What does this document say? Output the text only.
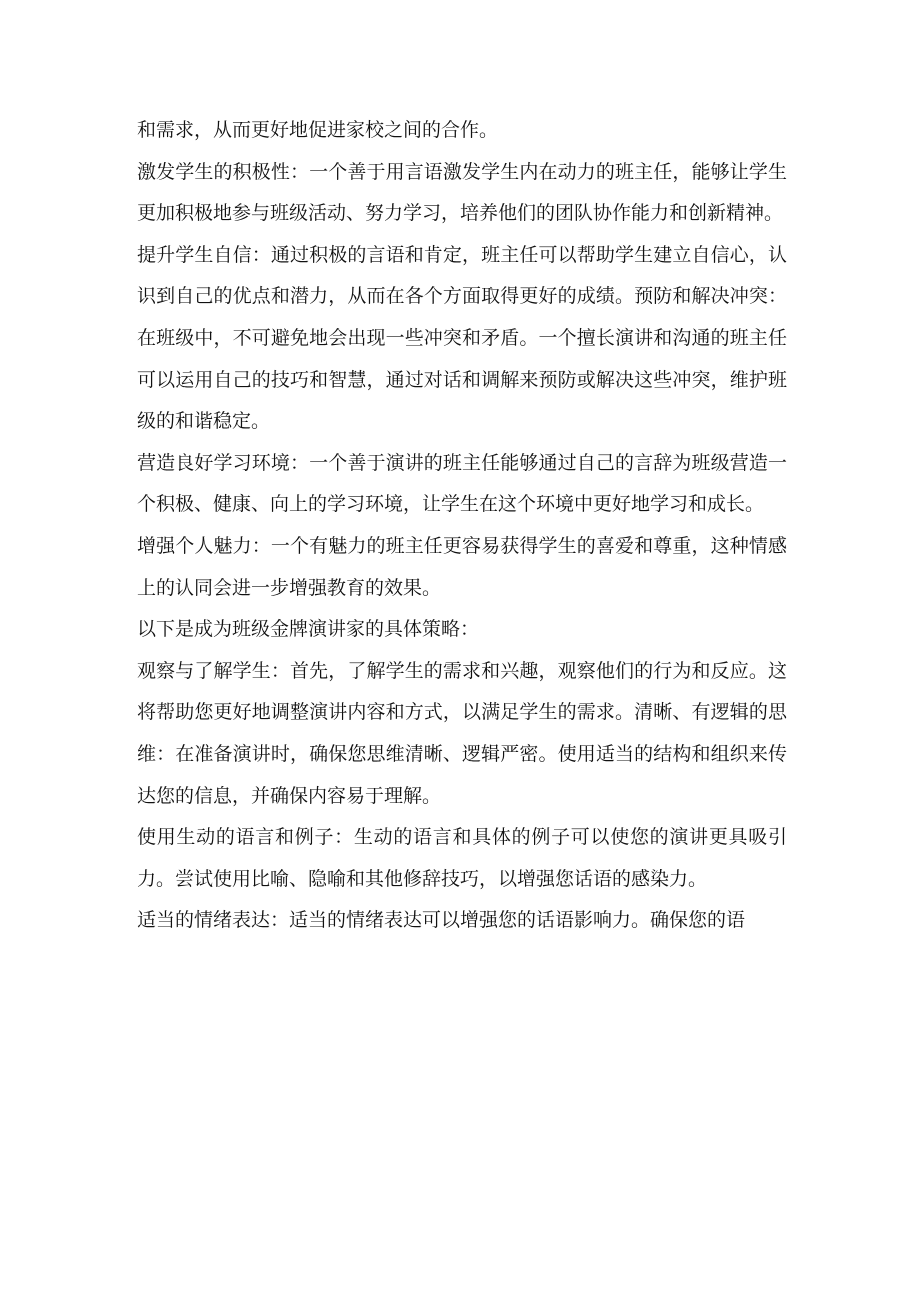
和需求，从而更好地促进家校之间的合作。

激发学生的积极性：一个善于用言语激发学生内在动力的班主任，能够让学生更加积极地参与班级活动、努力学习，培养他们的团队协作能力和创新精神。

提升学生自信：通过积极的言语和肯定，班主任可以帮助学生建立自信心，认识到自己的优点和潜力，从而在各个方面取得更好的成绩。预防和解决冲突：在班级中，不可避免地会出现一些冲突和矛盾。一个擅长演讲和沟通的班主任可以运用自己的技巧和智慧，通过对话和调解来预防或解决这些冲突，维护班级的和谐稳定。

营造良好学习环境：一个善于演讲的班主任能够通过自己的言辞为班级营造一个积极、健康、向上的学习环境，让学生在这个环境中更好地学习和成长。

增强个人魅力：一个有魅力的班主任更容易获得学生的喜爱和尊重，这种情感上的认同会进一步增强教育的效果。

以下是成为班级金牌演讲家的具体策略：

观察与了解学生：首先，了解学生的需求和兴趣，观察他们的行为和反应。这将帮助您更好地调整演讲内容和方式，以满足学生的需求。清晰、有逻辑的思维：在准备演讲时，确保您思维清晰、逻辑严密。使用适当的结构和组织来传达您的信息，并确保内容易于理解。

使用生动的语言和例子：生动的语言和具体的例子可以使您的演讲更具吸引力。尝试使用比喻、隐喻和其他修辞技巧，以增强您话语的感染力。

适当的情绪表达：适当的情绪表达可以增强您的话语影响力。确保您的语
